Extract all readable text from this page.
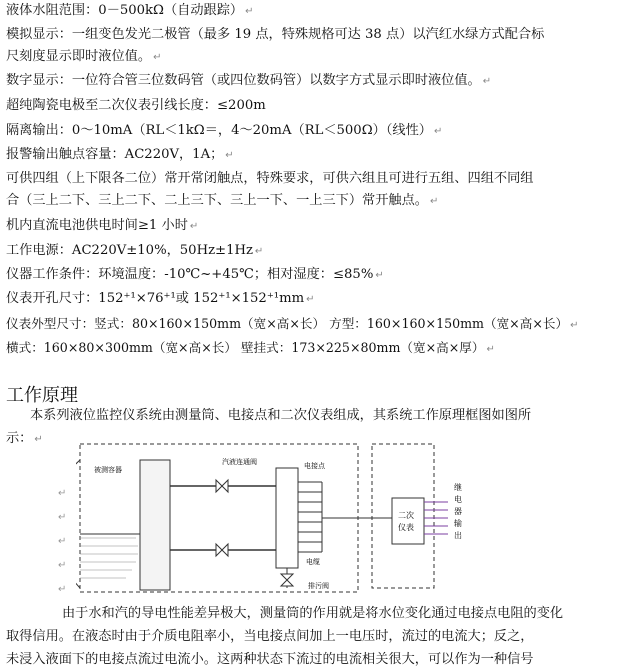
液体水阻范围：0－500kΩ（自动跟踪） ↵
模拟显示：一组变色发光二极管（最多 19 点，特殊规格可达 38 点）以汽红水绿方式配合标
尺刻度显示即时液位值。 ↵
数字显示：一位符合管三位数码管（或四位数码管）以数字方式显示即时液位值。 ↵
超纯陶瓷电极至二次仪表引线长度：≤200m
隔离输出：0～10mA（RL＜1kΩ＝，4～20mA（RL＜500Ω）（线性） ↵
报警输出触点容量：AC220V，1A； ↵
可供四组（上下限各二位）常开常闭触点，特殊要求，可供六组且可进行五组、四组不同组
合（三上二下、三上二下、二上三下、三上一下、一上三下）常开触点。 ↵
机内直流电池供电时间≥1 小时 ↵
工作电源：AC220V±10%，50Hz±1Hz ↵
仪器工作条件：环境温度：-10℃~+45℃；相对湿度：≤85% ↵
仪表开孔尺寸：152⁺¹×76⁺¹或 152⁺¹×152⁺¹mm ↵
仪表外型尺寸：竖式：80×160×150mm（宽×高×长） 方型：160×160×150mm（宽×高×长） ↵
横式：160×80×300mm（宽×高×长） 壁挂式：173×225×80mm（宽×高×厚） ↵
工作原理
本系列液位监控仪系统由测量筒、电接点和二次仪表组成，其系统工作原理框图如图所
示： ↵
↵
↵
↵
↵
↵
被测容器
汽液连通阀	电接点
电缆
排污阀
二次
仪表
继
电
器
输
出
由于水和汽的导电性能差异极大，测量筒的作用就是将水位变化通过电接点电阻的变化
取得信用。在液态时由于介质电阻率小，当电接点间加上一电压时，流过的电流大；反之，
未浸入液面下的电接点流过电流小。这两种状态下流过的电流相关很大，可以作为一种信号
